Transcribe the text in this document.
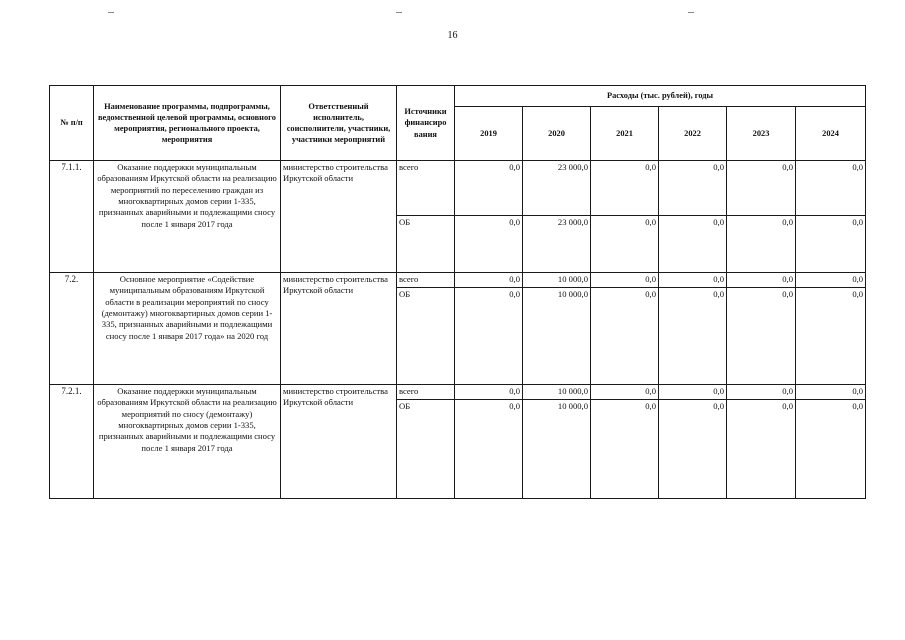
16
№ п/п	Наименование программы, подпрограммы, ведомственной целевой программы, основного мероприятия, регионального проекта, мероприятия	Ответственный исполнитель, соисполнители, участники, участники мероприятий	Источники финансиро вания	Расходы (тыс. рублей), годы					
				2019	2020	2021	2022	2023	2024
7.1.1.	Оказание поддержки муниципальным образованиям Иркутской области на реализацию мероприятий по переселению граждан из многоквартирных домов серии 1-335, признанных аварийными и подлежащими сносу после 1 января 2017 года	министерство строительства Иркутской области	всего	0,0	23 000,0	0,0	0,0	0,0	0,0
			ОБ	0,0	23 000,0	0,0	0,0	0,0	0,0
7.2.	Основное мероприятие «Содействие муниципальным образованиям Иркутской области в реализации мероприятий по сносу (демонтажу) многоквартирных домов серии 1-335, признанных аварийными и подлежащими сносу после 1 января 2017 года» на 2020 год	министерство строительства Иркутской области	всего	0,0	10 000,0	0,0	0,0	0,0	0,0
			ОБ	0,0	10 000,0	0,0	0,0	0,0	0,0
7.2.1.	Оказание поддержки муниципальным образованиям Иркутской области на реализацию мероприятий по сносу (демонтажу) многоквартирных домов серии 1-335, признанных аварийными и подлежащими сносу после 1 января 2017 года	министерство строительства Иркутской области	всего	0,0	10 000,0	0,0	0,0	0,0	0,0
			ОБ	0,0	10 000,0	0,0	0,0	0,0	0,0
